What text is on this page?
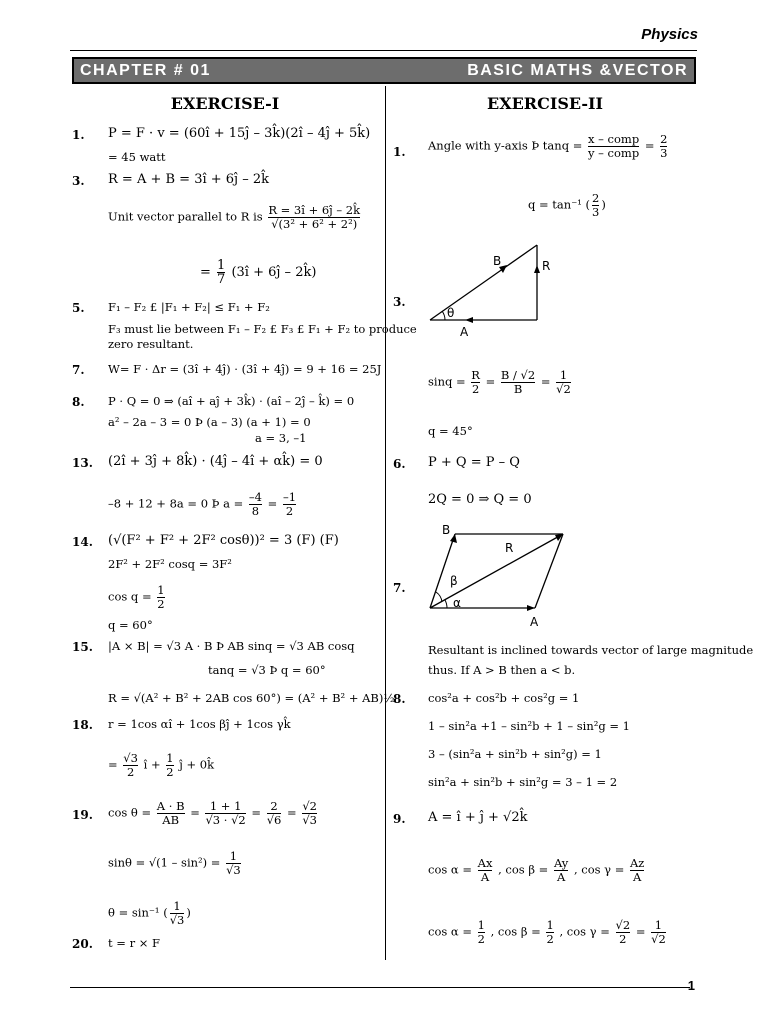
Physics
CHAPTER # 01	BASIC MATHS &VECTOR
EXERCISE-I
1. P = F · v = (60î + 15ĵ – 3k̂)(2î – 4ĵ + 5k̂)
= 45 watt
3. R = A + B = 3î + 6ĵ – 2k̂
Unit vector parallel to R is $\frac{R = 3î + 6ĵ - 2k̂}{\text{√(3² + 6² + 2²)}}$
= $\frac{1}{7}$ (3î + 6ĵ – 2k̂)
5. F₁ – F₂ £ |F₁ + F₂| ≤ F₁ + F₂
F₃ must lie between F₁ – F₂ £ F₃ £ F₁ + F₂ to produce
zero resultant.
7. W= F · Δr = (3î + 4ĵ) · (3î + 4ĵ) = 9 + 16 = 25J
8. P · Q = 0 ⇒ (aî + aĵ + 3k̂) · (aî – 2ĵ – k̂) = 0
a² – 2a – 3 = 0 Þ (a – 3) (a + 1) = 0
a = 3, –1
13. (2î + 3ĵ + 8k̂) · (4ĵ – 4î + αk̂) = 0
–8 + 12 + 8a = 0 Þ $a = \frac{-4}{8} = \frac{-1}{2}$
14. (√(F² + F² + 2F² cosθ))² = 3 (F) (F)
2F² + 2F² cosq = 3F²
$\cos q = \frac{1}{2}$
q = 60°
15. |A × B| = √3 A · B Þ AB sinq = √3 AB cosq
tanq = √3 Þ q = 60°
R = √(A² + B² + 2AB cos 60°) = (A² + B² + AB)½
18. r = 1cos αî + 1cos βĵ + 1cos γk̂
= $\frac{√3}{2}$ î + $\frac{1}{2}$ ĵ + 0k̂
19. $\cos \theta = \frac{A \cdot B}{AB} = \frac{1 + 1}{√3 \cdot √2} = \frac{2}{√6} = \frac{√2}{√3}$
$\sin\theta = √(1 - \sin^2) = \frac{1}{√3}$
θ = sin⁻¹ ( $\frac{1}{√3}$ )
20. t = r × F
EXERCISE-II
1. Angle with y-axis Þ $\tan q = \frac{\text{x – comp}}{\text{y – comp}} = \frac{2}{3}$
q = tan⁻¹ ( $\frac{2}{3}$ )
3.
B	R
A
θ
$\sin q = \frac{R}{2} = \frac{B / √2}{B} = \frac{1}{√2}$
q = 45°
6. P + Q = P – Q
2Q = 0 ⇒ Q = 0
7.
B
R
A
β
α
Resultant is inclined towards vector of large magnitude
thus. If A > B then a < b.
8. cos²a + cos²b + cos²g = 1
1 – sin²a +1 – sin²b + 1 – sin²g = 1
3 – (sin²a + sin²b + sin²g) = 1
sin²a + sin²b + sin²g = 3 – 1 = 2
9. A = î + ĵ + √2k̂
$\cos \alpha = \frac{Ax}{A}$ , $\cos \beta = \frac{Ay}{A}$ , $\cos \gamma = \frac{Az}{A}$
$\cos \alpha = \frac{1}{2}$ , $\cos \beta = \frac{1}{2}$ , $\cos \gamma = \frac{√2}{2} = \frac{1}{√2}$
1
